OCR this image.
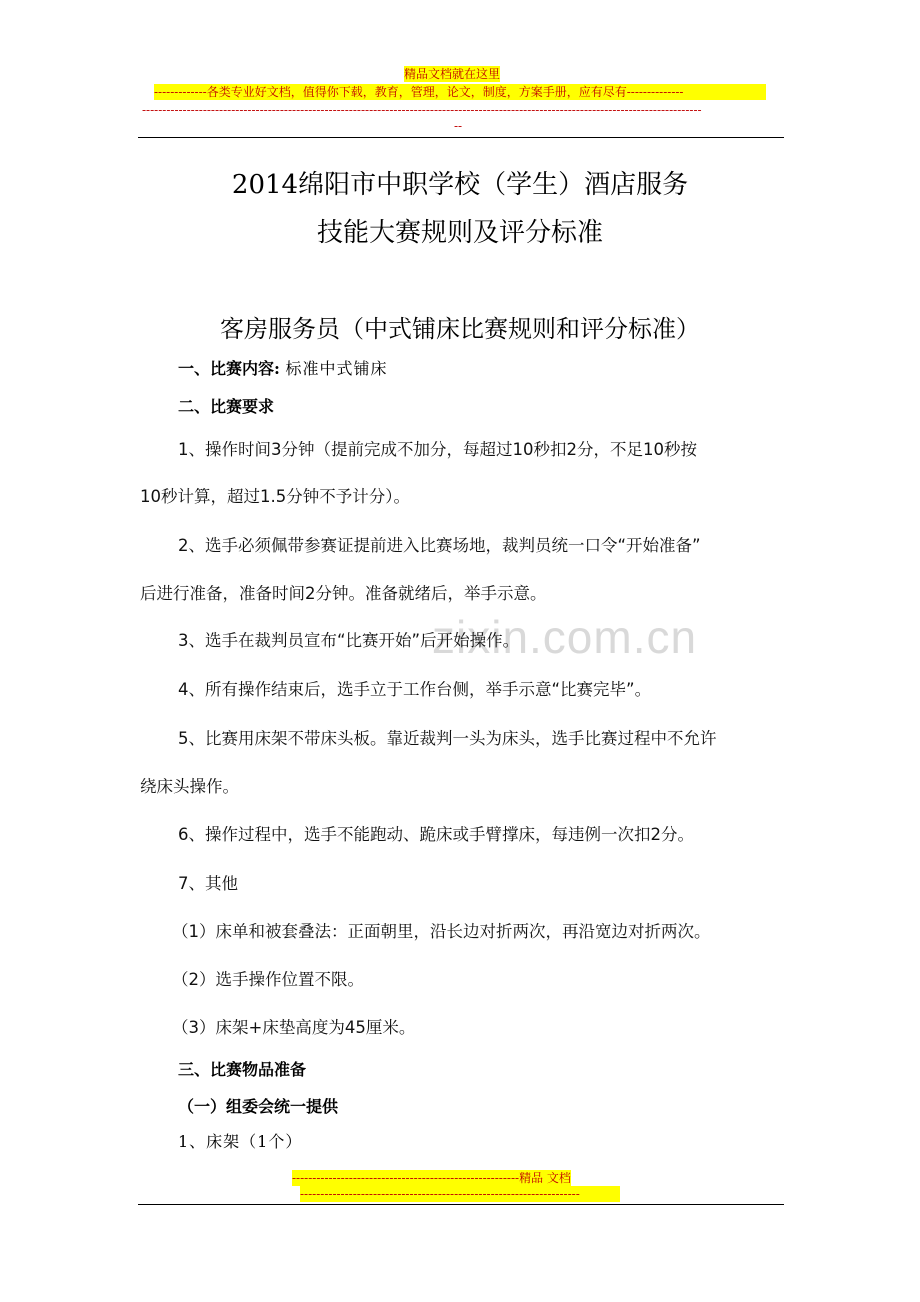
精品文档就在这里
-------------各类专业好文档，值得你下载，教育，管理，论文，制度，方案手册，应有尽有--------------
------------------------------------------------------------------------------------------------------------------------------------------
--
zixin.com.cn
2014绵阳市中职学校（学生）酒店服务
技能大赛规则及评分标准
客房服务员（中式铺床比赛规则和评分标准）
一、比赛内容: 标准中式铺床
二、比赛要求
1、操作时间3分钟（提前完成不加分，每超过10秒扣2分，不足10秒按
10秒计算，超过1.5分钟不予计分）。
2、选手必须佩带参赛证提前进入比赛场地，裁判员统一口令“开始准备”
后进行准备，准备时间2分钟。准备就绪后，举手示意。
3、选手在裁判员宣布“比赛开始”后开始操作。
4、所有操作结束后，选手立于工作台侧，举手示意“比赛完毕”。
5、比赛用床架不带床头板。靠近裁判一头为床头，选手比赛过程中不允许
绕床头操作。
6、操作过程中，选手不能跑动、跪床或手臂撑床，每违例一次扣2分。
7、其他
（1）床单和被套叠法：正面朝里，沿长边对折两次，再沿宽边对折两次。
（2）选手操作位置不限。
（3）床架+床垫高度为45厘米。
三、比赛物品准备
（一）组委会统一提供
1、床架（1个）
--------------------------------------------------------精品 文档
---------------------------------------------------------------------
